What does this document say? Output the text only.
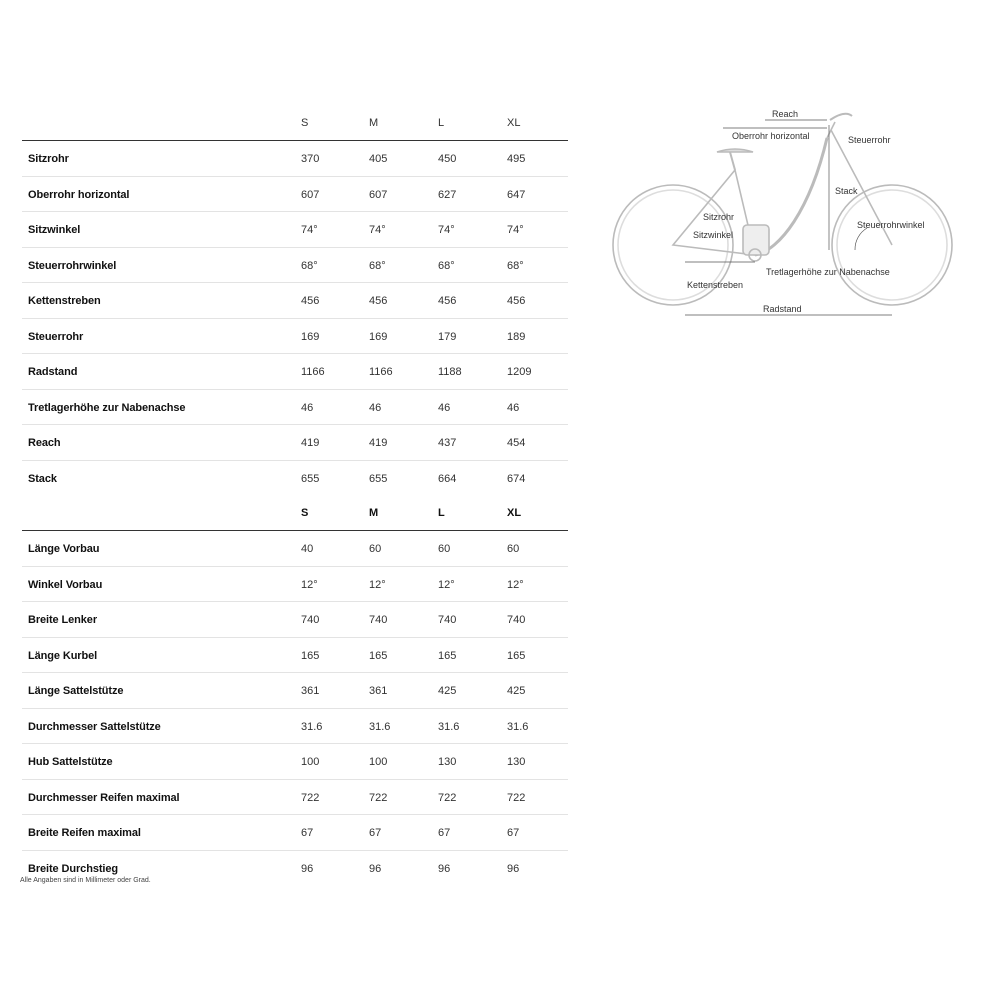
S	M	L	XL
Sitzrohr	370	405	450	495
Oberrohr horizontal	607	607	627	647
Sitzwinkel	74°	74°	74°	74°
Steuerrohrwinkel	68°	68°	68°	68°
Kettenstreben	456	456	456	456
Steuerrohr	169	169	179	189
Radstand	1166	1166	1188	1209
Tretlagerhöhe zur Nabenachse	46	46	46	46
Reach	419	419	437	454
Stack	655	655	664	674
S	M	L	XL
Länge Vorbau	40	60	60	60
Winkel Vorbau	12°	12°	12°	12°
Breite Lenker	740	740	740	740
Länge Kurbel	165	165	165	165
Länge Sattelstütze	361	361	425	425
Durchmesser Sattelstütze	31.6	31.6	31.6	31.6
Hub Sattelstütze	100	100	130	130
Durchmesser Reifen maximal	722	722	722	722
Breite Reifen maximal	67	67	67	67
Breite Durchstieg	96	96	96	96
Alle Angaben sind in Millimeter oder Grad.
Reach
Oberrohr horizontal	Steuerrohr
Stack
Sitzrohr
Sitzwinkel
Steuerrohrwinkel
Tretlagerhöhe zur Nabenachse
Kettenstreben
Radstand
